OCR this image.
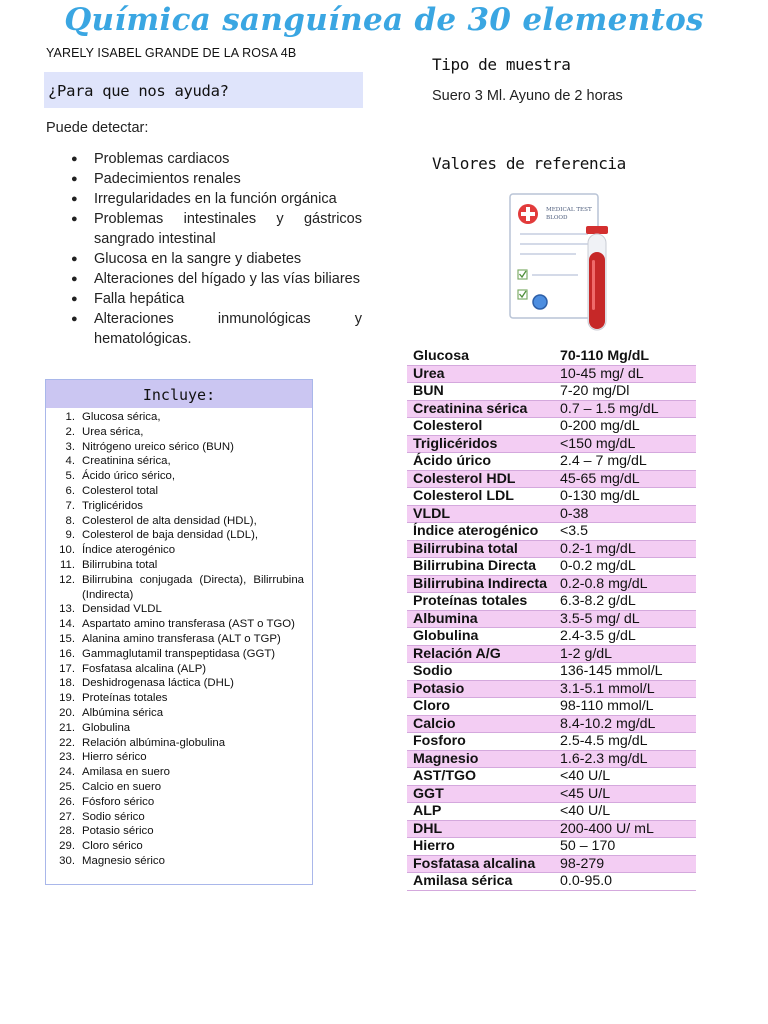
Química sanguínea de 30 elementos
YARELY ISABEL GRANDE DE LA ROSA 4B
¿Para que nos ayuda?
Puede detectar:
● Problemas cardiacos
● Padecimientos renales
● Irregularidades en la función orgánica
● Problemas intestinales y gástricos sangrado intestinal
● Glucosa en la sangre y diabetes
● Alteraciones del hígado y las vías biliares
● Falla hepática
● Alteraciones inmunológicas y hematológicas.
Incluye:
1. Glucosa sérica,
2. Urea sérica,
3. Nitrógeno ureico sérico (BUN)
4. Creatinina sérica,
5. Ácido úrico sérico,
6. Colesterol total
7. Triglicéridos
8. Colesterol de alta densidad (HDL),
9. Colesterol de baja densidad (LDL),
10. Índice aterogénico
11. Bilirrubina total
12. Bilirrubina conjugada (Directa), Bilirrubina (Indirecta)
13. Densidad VLDL
14. Aspartato amino transferasa (AST o TGO)
15. Alanina amino transferasa (ALT o TGP)
16. Gammaglutamil transpeptidasa (GGT)
17. Fosfatasa alcalina (ALP)
18. Deshidrogenasa láctica (DHL)
19. Proteínas totales
20. Albúmina sérica
21. Globulina
22. Relación albúmina-globulina
23. Hierro sérico
24. Amilasa en suero
25. Calcio en suero
26. Fósforo sérico
27. Sodio sérico
28. Potasio sérico
29. Cloro sérico
30. Magnesio sérico
Tipo de muestra
Suero 3 Ml. Ayuno de 2 horas
Valores de referencia
MEDICAL TEST
BLOOD
Glucosa	70-110 Mg/dL
Urea	10-45 mg/ dL
BUN	7-20 mg/Dl
Creatinina sérica	0.7 – 1.5 mg/dL
Colesterol	0-200 mg/dL
Triglicéridos	<150 mg/dL
Ácido úrico	2.4 – 7 mg/dL
Colesterol HDL	45-65 mg/dL
Colesterol LDL	0-130 mg/dL
VLDL	0-38
Índice aterogénico	<3.5
Bilirrubina total	0.2-1 mg/dL
Bilirrubina Directa	0-0.2 mg/dL
Bilirrubina Indirecta	0.2-0.8 mg/dL
Proteínas totales	6.3-8.2 g/dL
Albumina	3.5-5 mg/ dL
Globulina	2.4-3.5 g/dL
Relación A/G	1-2 g/dL
Sodio	136-145 mmol/L
Potasio	3.1-5.1 mmol/L
Cloro	98-110 mmol/L
Calcio	8.4-10.2 mg/dL
Fosforo	2.5-4.5 mg/dL
Magnesio	1.6-2.3 mg/dL
AST/TGO	<40 U/L
GGT	<45 U/L
ALP	<40 U/L
DHL	200-400 U/ mL
Hierro	50 – 170
Fosfatasa alcalina	98-279
Amilasa sérica	0.0-95.0
